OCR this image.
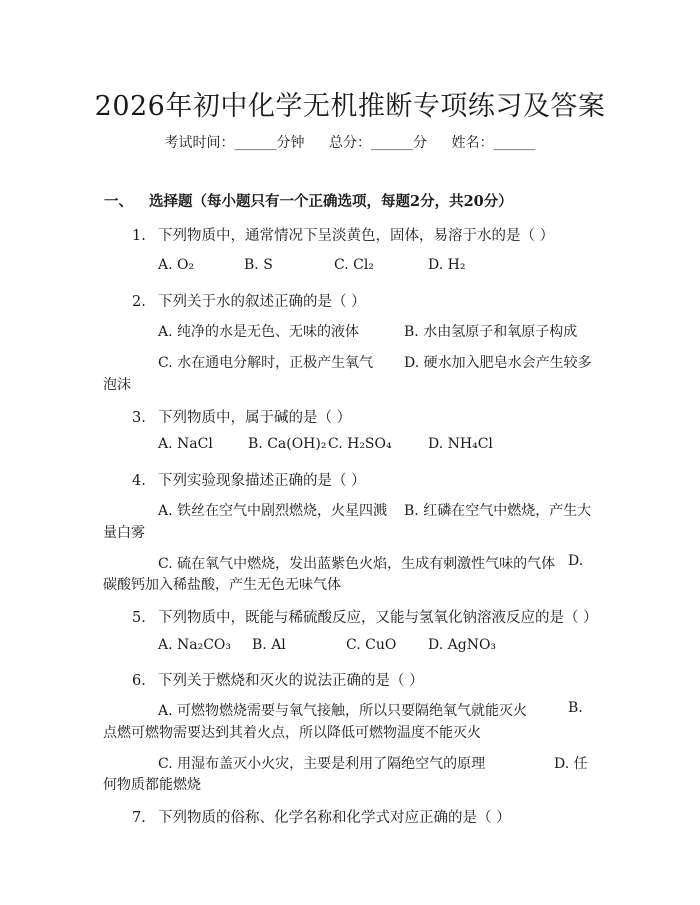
2026年初中化学无机推断专项练习及答案
考试时间：______分钟 总分：______分 姓名：______
一、 选择题（每小题只有一个正确选项，每题2分，共20分）
1. 下列物质中，通常情况下呈淡黄色，固体，易溶于水的是（ ）
A. O₂	B. S	C. Cl₂	D. H₂
2. 下列关于水的叙述正确的是（ ）
A. 纯净的水是无色、无味的液体	B. 水由氢原子和氧原子构成
C. 水在通电分解时，正极产生氧气 D. 硬水加入肥皂水会产生较多
泡沫
3. 下列物质中，属于碱的是（ ）
A. NaCl	B. Ca(OH)₂ C. H₂SO₄	D. NH₄Cl
4. 下列实验现象描述正确的是（ ）
A. 铁丝在空气中剧烈燃烧，火星四溅 B. 红磷在空气中燃烧，产生大
量白雾
C. 硫在氧气中燃烧，发出蓝紫色火焰，生成有刺激性气味的气体 D.
碳酸钙加入稀盐酸，产生无色无味气体
5. 下列物质中，既能与稀硫酸反应，又能与氢氧化钠溶液反应的是（ ）
A. Na₂CO₃ B. Al	C. CuO D. AgNO₃
6. 下列关于燃烧和灭火的说法正确的是（ ）
A. 可燃物燃烧需要与氧气接触，所以只要隔绝氧气就能灭火	B.
点燃可燃物需要达到其着火点，所以降低可燃物温度不能灭火
C. 用湿布盖灭小火灾，主要是利用了隔绝空气的原理	D. 任
何物质都能燃烧
7. 下列物质的俗称、化学名称和化学式对应正确的是（ ）
